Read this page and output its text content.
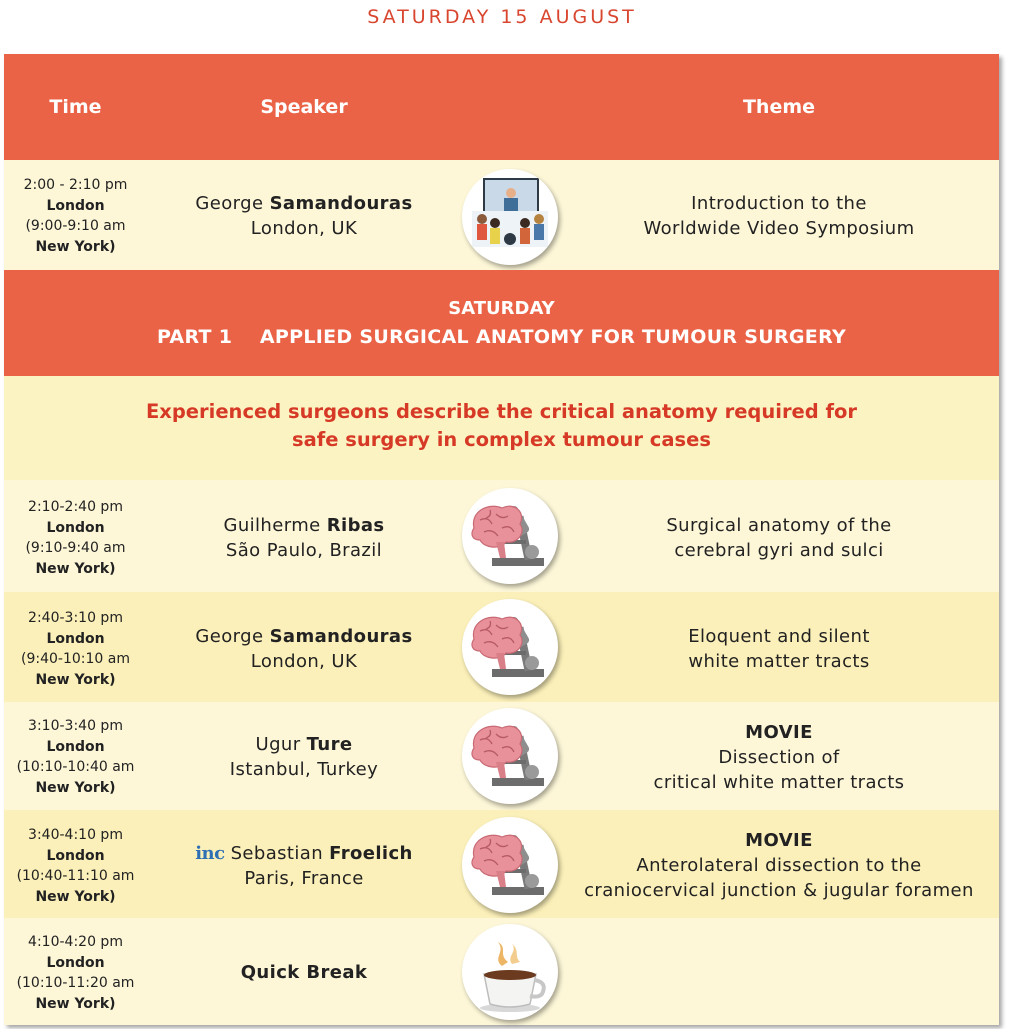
SATURDAY 15 AUGUST
Time	Speaker	Theme
2:00 - 2:10 pm
London
(9:00-9:10 am
New York)
George Samandouras
London, UK
Introduction to the
Worldwide Video Symposium
SATURDAY
PART 1    APPLIED SURGICAL ANATOMY FOR TUMOUR SURGERY
Experienced surgeons describe the critical anatomy required for
safe surgery in complex tumour cases
2:10-2:40 pm
London
(9:10-9:40 am
New York)
Guilherme Ribas
São Paulo, Brazil
Surgical anatomy of the
cerebral gyri and sulci
2:40-3:10 pm
London
(9:40-10:10 am
New York)
George Samandouras
London, UK
Eloquent and silent
white matter tracts
3:10-3:40 pm
London
(10:10-10:40 am
New York)
Ugur Ture
Istanbul, Turkey
MOVIE
Dissection of
critical white matter tracts
3:40-4:10 pm
London
(10:40-11:10 am
New York)
inc Sebastian Froelich
Paris, France
MOVIE
Anterolateral dissection to the
craniocervical junction & jugular foramen
4:10-4:20 pm
London
(10:10-11:20 am
New York)
Quick Break
